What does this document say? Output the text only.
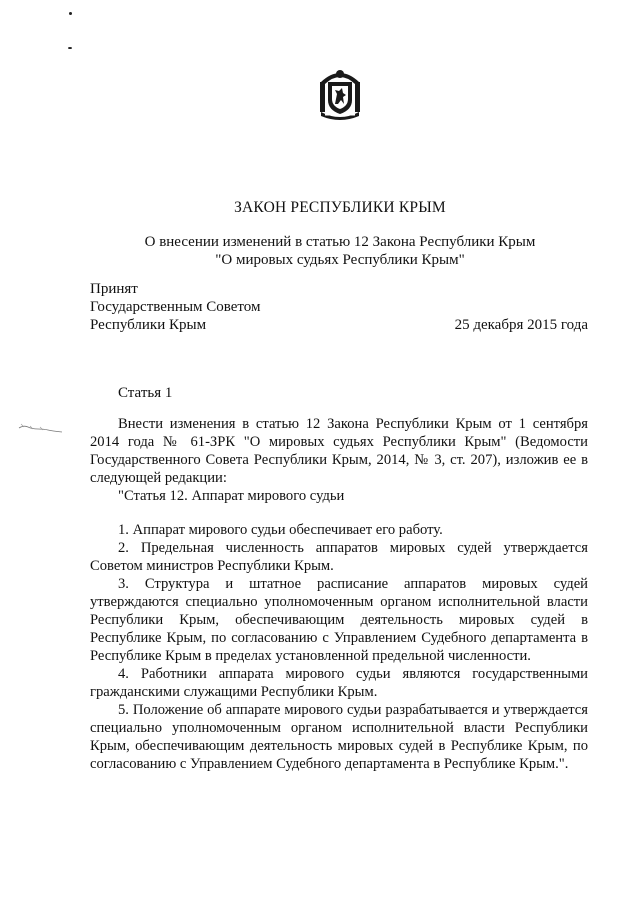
ЗАКОН РЕСПУБЛИКИ КРЫМ
О внесении изменений в статью 12 Закона Республики Крым
"О мировых судьях Республики Крым"
Принят
Государственным Советом
Республики Крым	25 декабря 2015 года
Статья 1

Внести изменения в статью 12 Закона Республики Крым от 1 сентября 2014 года № 61-ЗРК "О мировых судьях Республики Крым" (Ведомости Государственного Совета Республики Крым, 2014, № 3, ст. 207), изложив ее в следующей редакции:

"Статья 12. Аппарат мирового судьи

1. Аппарат мирового судьи обеспечивает его работу.

2. Предельная численность аппаратов мировых судей утверждается Советом министров Республики Крым.

3. Структура и штатное расписание аппаратов мировых судей утверждаются специально уполномоченным органом исполнительной власти Республики Крым, обеспечивающим деятельность мировых судей в Республике Крым, по согласованию с Управлением Судебного департамента в Республике Крым в пределах установленной предельной численности.

4. Работники аппарата мирового судьи являются государственными гражданскими служащими Республики Крым.

5. Положение об аппарате мирового судьи разрабатывается и утверждается специально уполномоченным органом исполнительной власти Республики Крым, обеспечивающим деятельность мировых судей в Республике Крым, по согласованию с Управлением Судебного департамента в Республике Крым.".
